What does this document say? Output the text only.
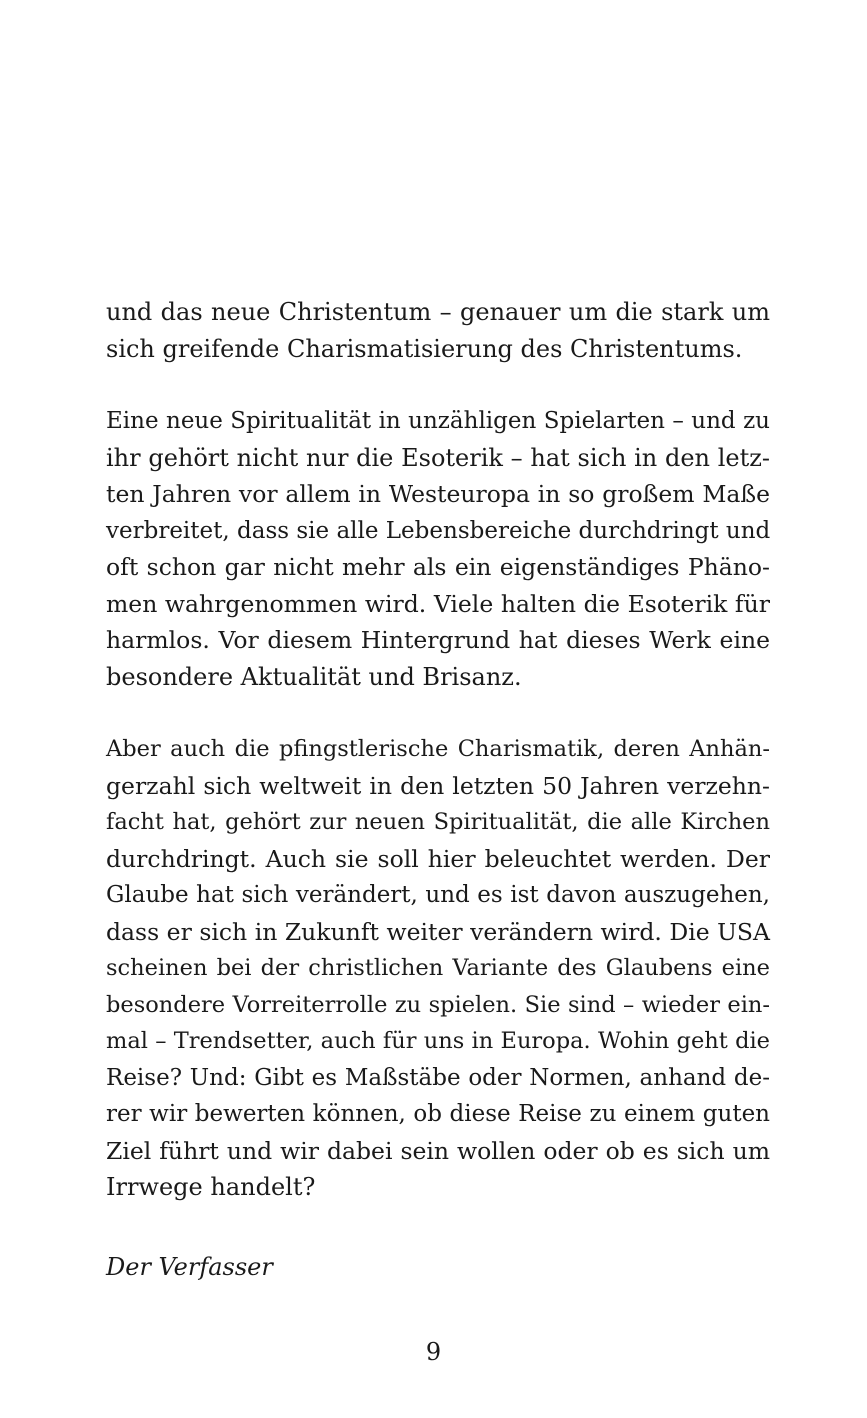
und das neue Christentum – genauer um die stark um
sich greifende Charismatisierung des Christentums.
Eine neue Spiritualität in unzähligen Spielarten – und zu
ihr gehört nicht nur die Esoterik – hat sich in den letz-
ten Jahren vor allem in Westeuropa in so großem Maße
verbreitet, dass sie alle Lebensbereiche durchdringt und
oft schon gar nicht mehr als ein eigenständiges Phäno-
men wahrgenommen wird. Viele halten die Esoterik für
harmlos. Vor diesem Hintergrund hat dieses Werk eine
besondere Aktualität und Brisanz.
Aber auch die pfingstlerische Charismatik, deren Anhän-
gerzahl sich weltweit in den letzten 50 Jahren verzehn-
facht hat, gehört zur neuen Spiritualität, die alle Kirchen
durchdringt. Auch sie soll hier beleuchtet werden. Der
Glaube hat sich verändert, und es ist davon auszugehen,
dass er sich in Zukunft weiter verändern wird. Die USA
scheinen bei der christlichen Variante des Glaubens eine
besondere Vorreiterrolle zu spielen. Sie sind – wieder ein-
mal – Trendsetter, auch für uns in Europa. Wohin geht die
Reise? Und: Gibt es Maßstäbe oder Normen, anhand de-
rer wir bewerten können, ob diese Reise zu einem guten
Ziel führt und wir dabei sein wollen oder ob es sich um
Irrwege handelt?
Der Verfasser
9
